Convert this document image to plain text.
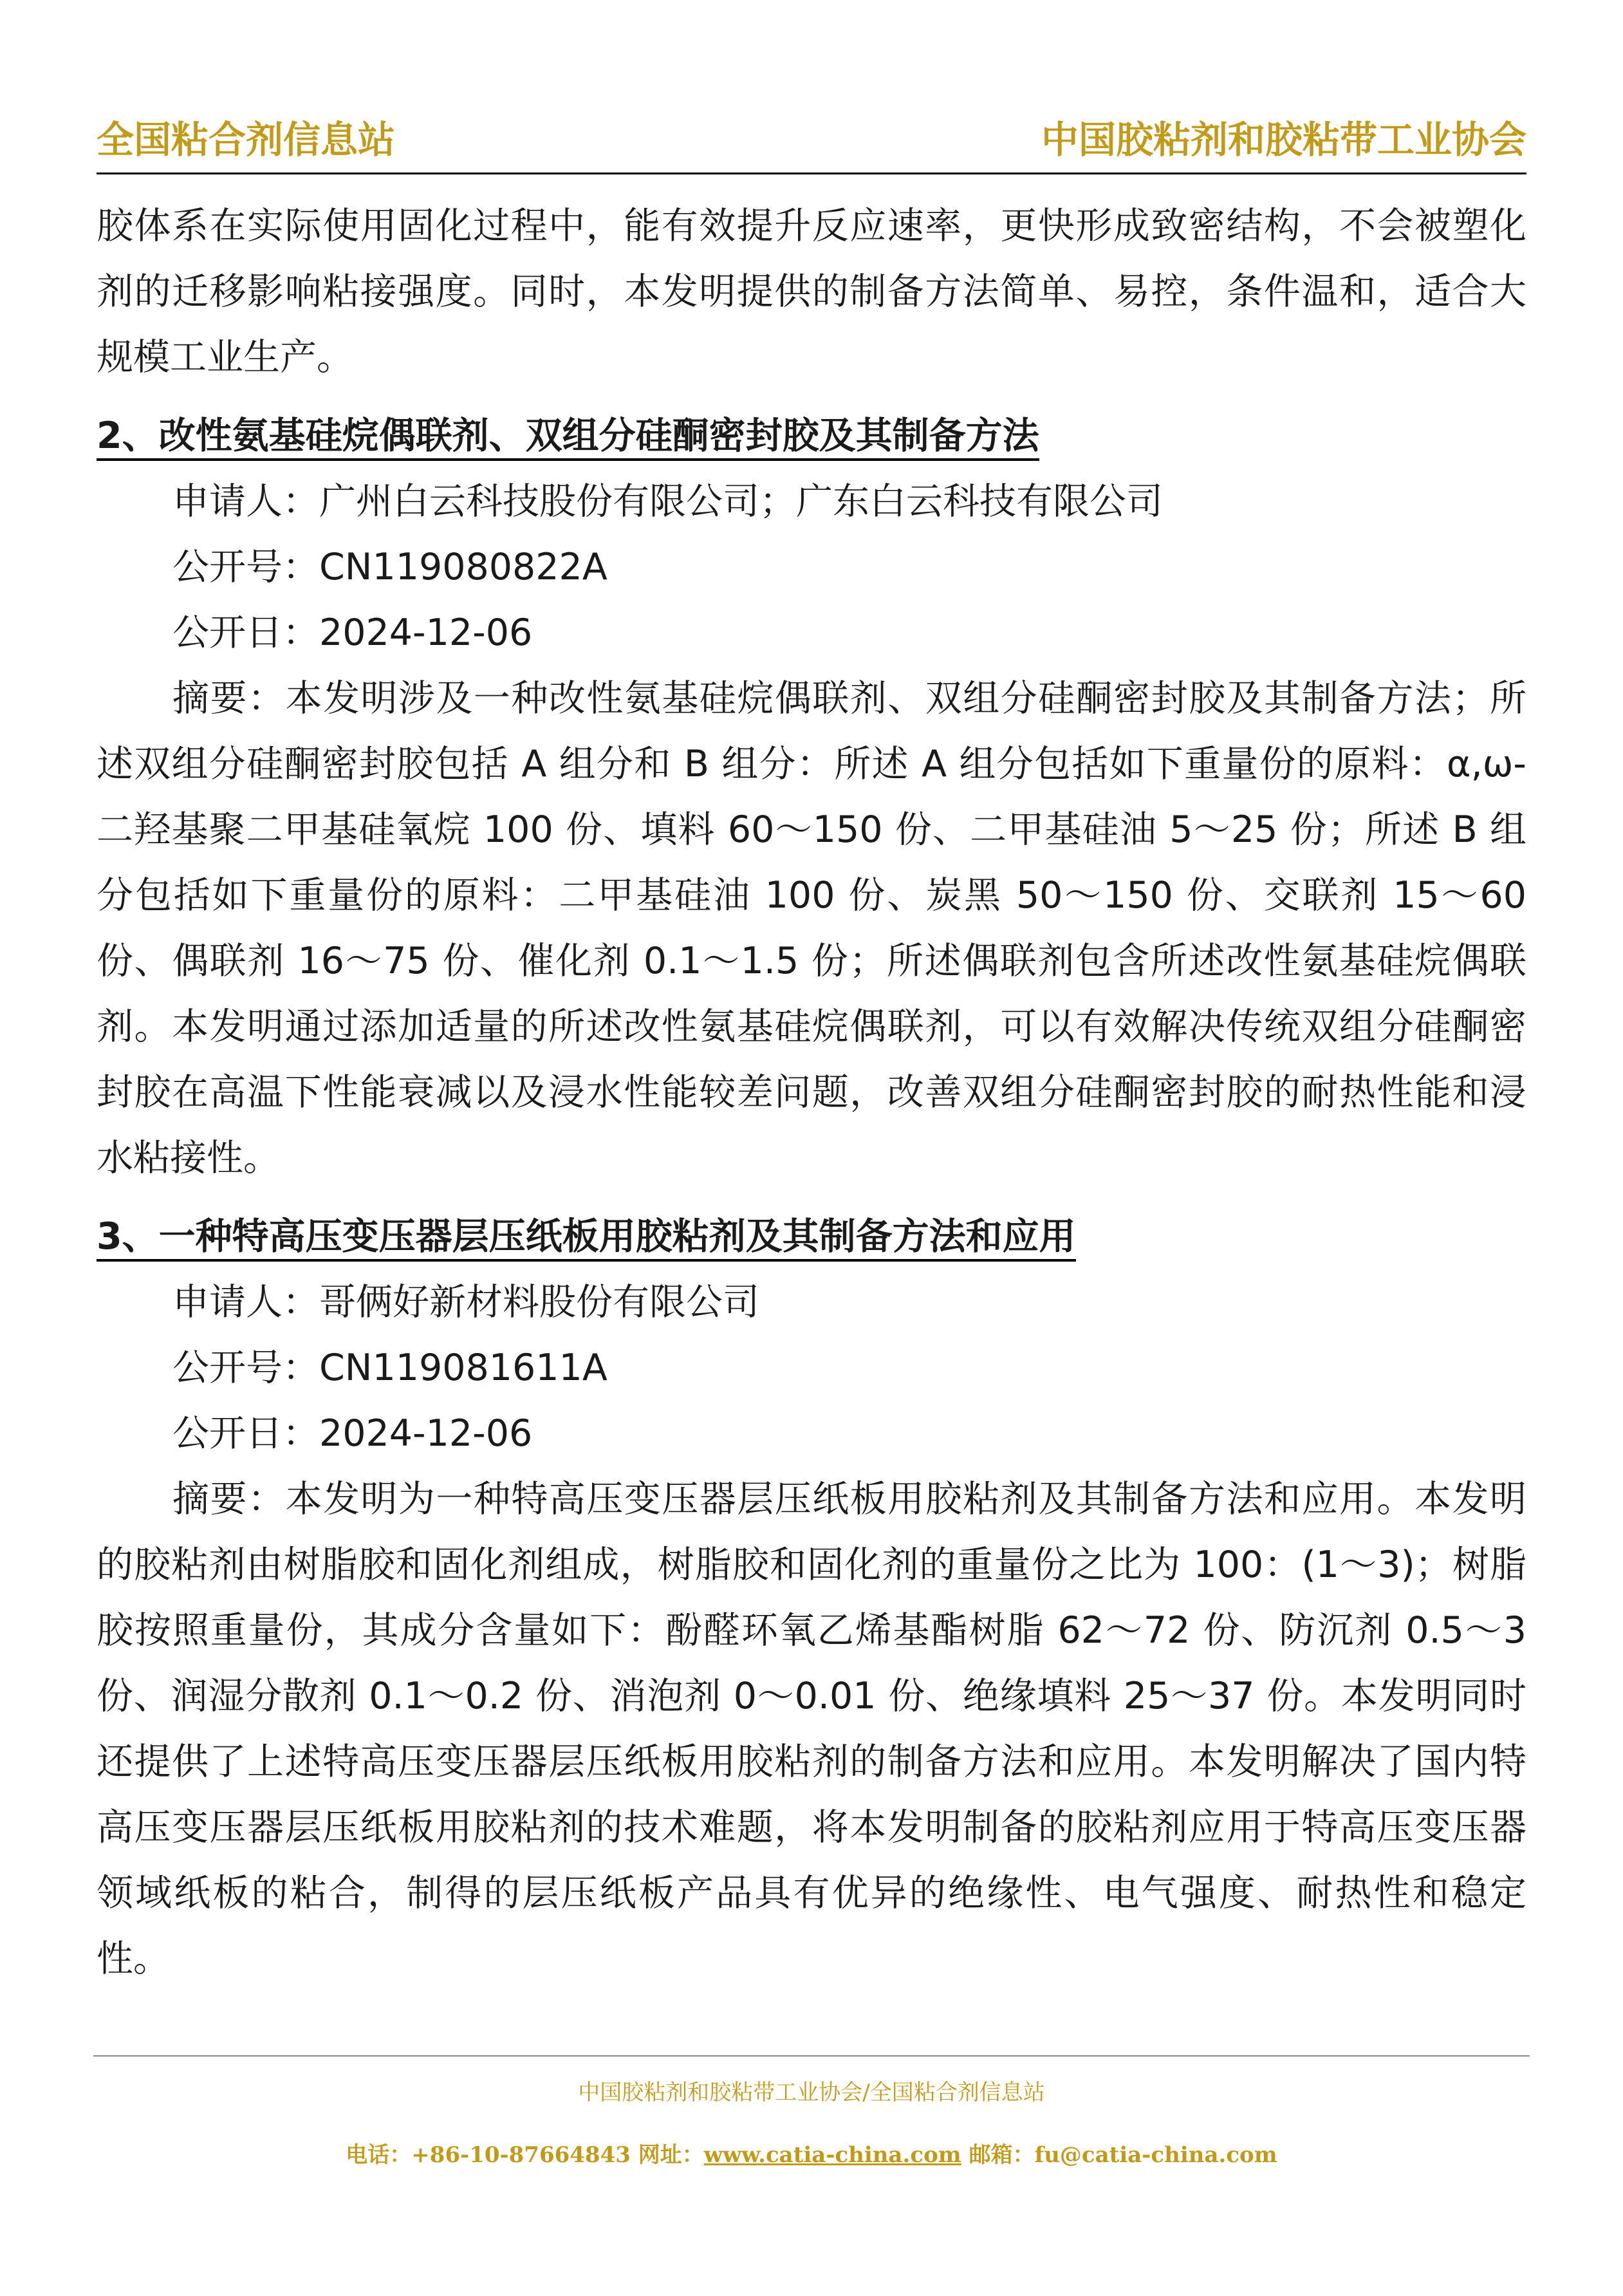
全国粘合剂信息站	中国胶粘剂和胶粘带工业协会

胶体系在实际使用固化过程中，能有效提升反应速率，更快形成致密结构，不会被塑化剂的迁移影响粘接强度。同时，本发明提供的制备方法简单、易控，条件温和，适合大规模工业生产。

2、改性氨基硅烷偶联剂、双组分硅酮密封胶及其制备方法

申请人：广州白云科技股份有限公司；广东白云科技有限公司

公开号：CN119080822A

公开日：2024-12-06

摘要：本发明涉及一种改性氨基硅烷偶联剂、双组分硅酮密封胶及其制备方法；所述双组分硅酮密封胶包括 A 组分和 B 组分：所述 A 组分包括如下重量份的原料：α,ω-二羟基聚二甲基硅氧烷 100 份、填料 60～150 份、二甲基硅油 5～25 份；所述 B 组分包括如下重量份的原料：二甲基硅油 100 份、炭黑 50～150 份、交联剂 15～60 份、偶联剂 16～75 份、催化剂 0.1～1.5 份；所述偶联剂包含所述改性氨基硅烷偶联剂。本发明通过添加适量的所述改性氨基硅烷偶联剂，可以有效解决传统双组分硅酮密封胶在高温下性能衰减以及浸水性能较差问题，改善双组分硅酮密封胶的耐热性能和浸水粘接性。

3、一种特高压变压器层压纸板用胶粘剂及其制备方法和应用

申请人：哥俩好新材料股份有限公司

公开号：CN119081611A

公开日：2024-12-06

摘要：本发明为一种特高压变压器层压纸板用胶粘剂及其制备方法和应用。本发明的胶粘剂由树脂胶和固化剂组成，树脂胶和固化剂的重量份之比为 100：(1～3)；树脂胶按照重量份，其成分含量如下：酚醛环氧乙烯基酯树脂 62～72 份、防沉剂 0.5～3 份、润湿分散剂 0.1～0.2 份、消泡剂 0～0.01 份、绝缘填料 25～37 份。本发明同时还提供了上述特高压变压器层压纸板用胶粘剂的制备方法和应用。本发明解决了国内特高压变压器层压纸板用胶粘剂的技术难题，将本发明制备的胶粘剂应用于特高压变压器领域纸板的粘合，制得的层压纸板产品具有优异的绝缘性、电气强度、耐热性和稳定性。

中国胶粘剂和胶粘带工业协会/全国粘合剂信息站
电话：+86-10-87664843 网址：www.catia-china.com 邮箱：fu@catia-china.com
